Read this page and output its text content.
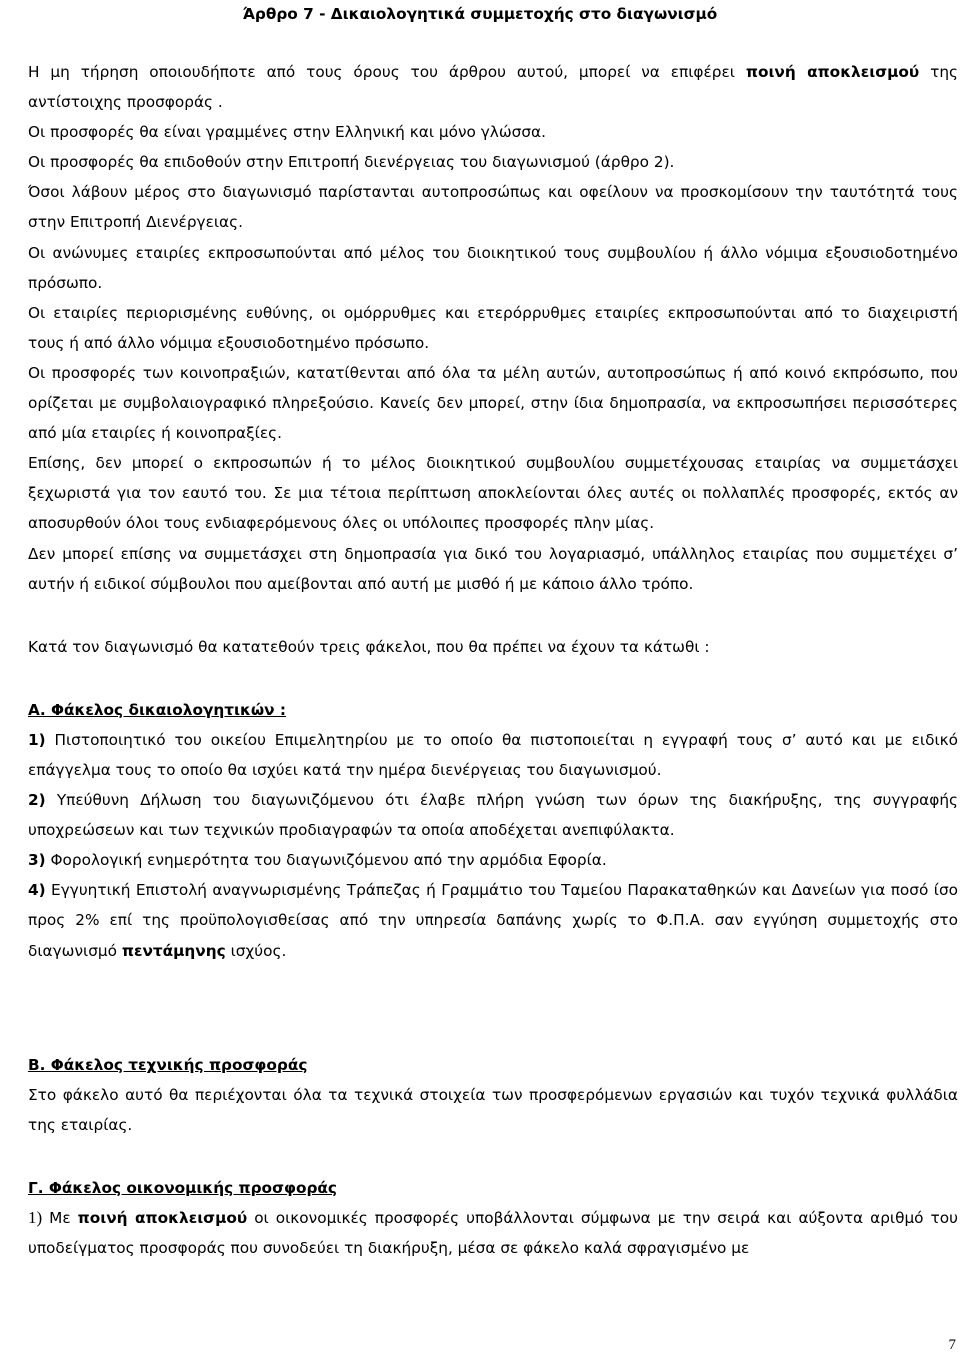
Άρθρο 7 - Δικαιολογητικά συμμετοχής στο διαγωνισμό

Η μη τήρηση οποιουδήποτε από τους όρους του άρθρου αυτού, μπορεί να επιφέρει ποινή αποκλεισμού της αντίστοιχης προσφοράς .

Οι προσφορές θα είναι γραμμένες στην Ελληνική και μόνο γλώσσα.

Οι προσφορές θα επιδοθούν στην Επιτροπή διενέργειας του διαγωνισμού (άρθρο 2).

Όσοι λάβουν μέρος στο διαγωνισμό παρίστανται αυτοπροσώπως και οφείλουν να προσκομίσουν την ταυτότητά τους στην Επιτροπή Διενέργειας.

Οι ανώνυμες εταιρίες εκπροσωπούνται από μέλος του διοικητικού τους συμβουλίου ή άλλο νόμιμα εξουσιοδοτημένο πρόσωπο.

Οι εταιρίες περιορισμένης ευθύνης, οι ομόρρυθμες και ετερόρρυθμες εταιρίες εκπροσωπούνται από το διαχειριστή τους ή από άλλο νόμιμα εξουσιοδοτημένο πρόσωπο.

Οι προσφορές των κοινοπραξιών, κατατίθενται από όλα τα μέλη αυτών, αυτοπροσώπως ή από κοινό εκπρόσωπο, που ορίζεται με συμβολαιογραφικό πληρεξούσιο. Κανείς δεν μπορεί, στην ίδια δημοπρασία, να εκπροσωπήσει περισσότερες από μία εταιρίες ή κοινοπραξίες.

Επίσης, δεν μπορεί ο εκπροσωπών ή το μέλος διοικητικού συμβουλίου συμμετέχουσας εταιρίας να συμμετάσχει ξεχωριστά για τον εαυτό του. Σε μια τέτοια περίπτωση αποκλείονται όλες αυτές οι πολλαπλές προσφορές, εκτός αν αποσυρθούν όλοι τους ενδιαφερόμενους όλες οι υπόλοιπες προσφορές πλην μίας.

Δεν μπορεί επίσης να συμμετάσχει στη δημοπρασία για δικό του λογαριασμό, υπάλληλος εταιρίας που συμμετέχει σ’ αυτήν ή ειδικοί σύμβουλοι που αμείβονται από αυτή με μισθό ή με κάποιο άλλο τρόπο.

Κατά τον διαγωνισμό θα κατατεθούν τρεις φάκελοι, που θα πρέπει να έχουν τα κάτωθι :

Α. Φάκελος δικαιολογητικών :

1) Πιστοποιητικό του οικείου Επιμελητηρίου με το οποίο θα πιστοποιείται η εγγραφή τους σ’ αυτό και με ειδικό επάγγελμα τους το οποίο θα ισχύει κατά την ημέρα διενέργειας του διαγωνισμού.

2) Υπεύθυνη Δήλωση του διαγωνιζόμενου ότι έλαβε πλήρη γνώση των όρων της διακήρυξης, της συγγραφής υποχρεώσεων και των τεχνικών προδιαγραφών τα οποία αποδέχεται ανεπιφύλακτα.

3) Φορολογική ενημερότητα του διαγωνιζόμενου από την αρμόδια Εφορία.

4) Εγγυητική Επιστολή αναγνωρισμένης Τράπεζας ή Γραμμάτιο του Ταμείου Παρακαταθηκών και Δανείων για ποσό ίσο προς 2% επί της προϋπολογισθείσας από την υπηρεσία δαπάνης χωρίς το Φ.Π.Α. σαν εγγύηση συμμετοχής στο διαγωνισμό πεντάμηνης ισχύος.

Β. Φάκελος τεχνικής προσφοράς

Στο φάκελο αυτό θα περιέχονται όλα τα τεχνικά στοιχεία των προσφερόμενων εργασιών και τυχόν τεχνικά φυλλάδια της εταιρίας.

Γ. Φάκελος οικονομικής προσφοράς

1) Με ποινή αποκλεισμού οι οικονομικές προσφορές υποβάλλονται σύμφωνα με την σειρά και αύξοντα αριθμό του υποδείγματος προσφοράς που συνοδεύει τη διακήρυξη, μέσα σε φάκελο καλά σφραγισμένο με

7
